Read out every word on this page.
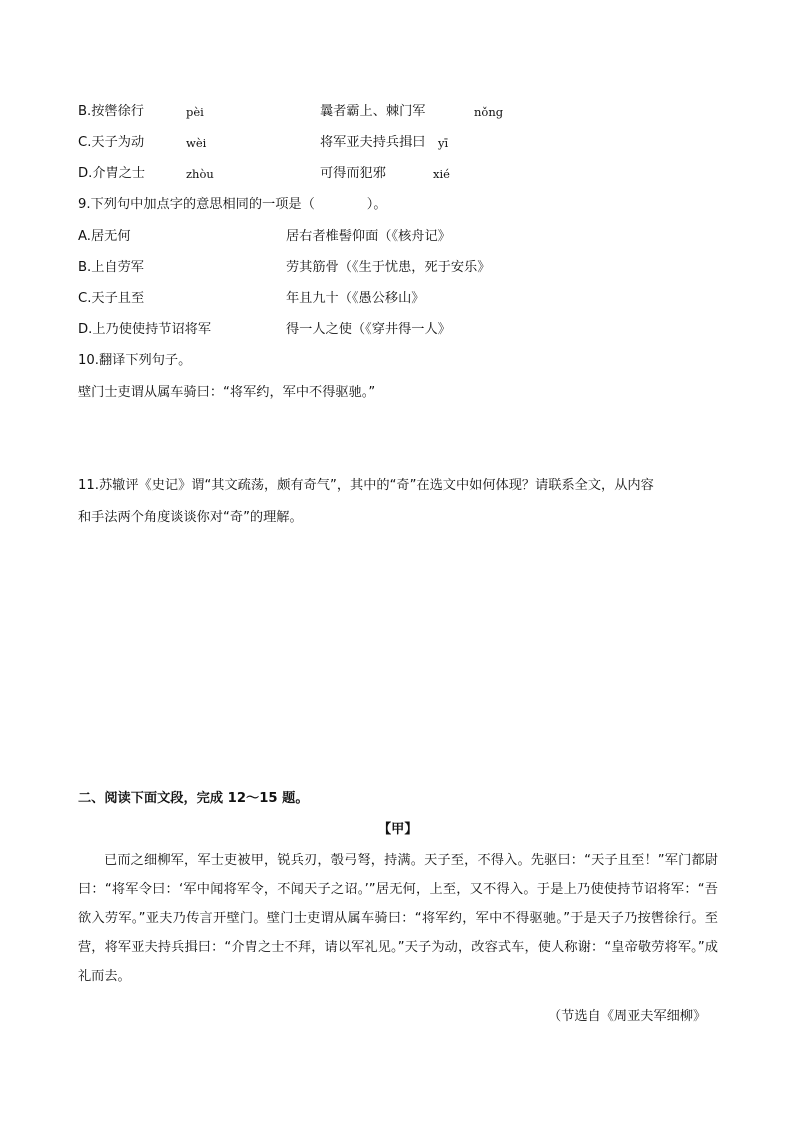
B.按辔徐行	pèi	曩者霸上、棘门军	nǒng
C.天子为动	wèi	将军亚夫持兵揖曰 yī
D.介胄之士	zhòu	可得而犯邪	xié
9.下列句中加点字的意思相同的一项是（	）。
A.居无何	居右者椎髻仰面（《核舟记》
B.上自劳军	劳其筋骨（《生于忧患，死于安乐》
C.天子且至	年且九十（《愚公移山》
D.上乃使使持节诏将军	得一人之使（《穿井得一人》
10.翻译下列句子。
壁门士吏谓从属车骑曰：“将军约，军中不得驱驰。”
11.苏辙评《史记》谓“其文疏荡，颇有奇气”，其中的“奇”在选文中如何体现？请联系全文，从内容
和手法两个角度谈谈你对“奇”的理解。
二、阅读下面文段，完成 12～15 题。
【甲】
已而之细柳军，军士吏被甲，锐兵刃，彀弓弩，持满。天子至，不得入。先驱曰：“天子且至！”军门都尉曰：“将军令曰：‘军中闻将军令，不闻天子之诏。’”居无何，上至，又不得入。于是上乃使使持节诏将军：“吾欲入劳军。”亚夫乃传言开壁门。壁门士吏谓从属车骑曰：“将军约，军中不得驱驰。”于是天子乃按辔徐行。至营，将军亚夫持兵揖曰：“介胄之士不拜，请以军礼见。”天子为动，改容式车，使人称谢：“皇帝敬劳将军。”成礼而去。
（节选自《周亚夫军细柳》
